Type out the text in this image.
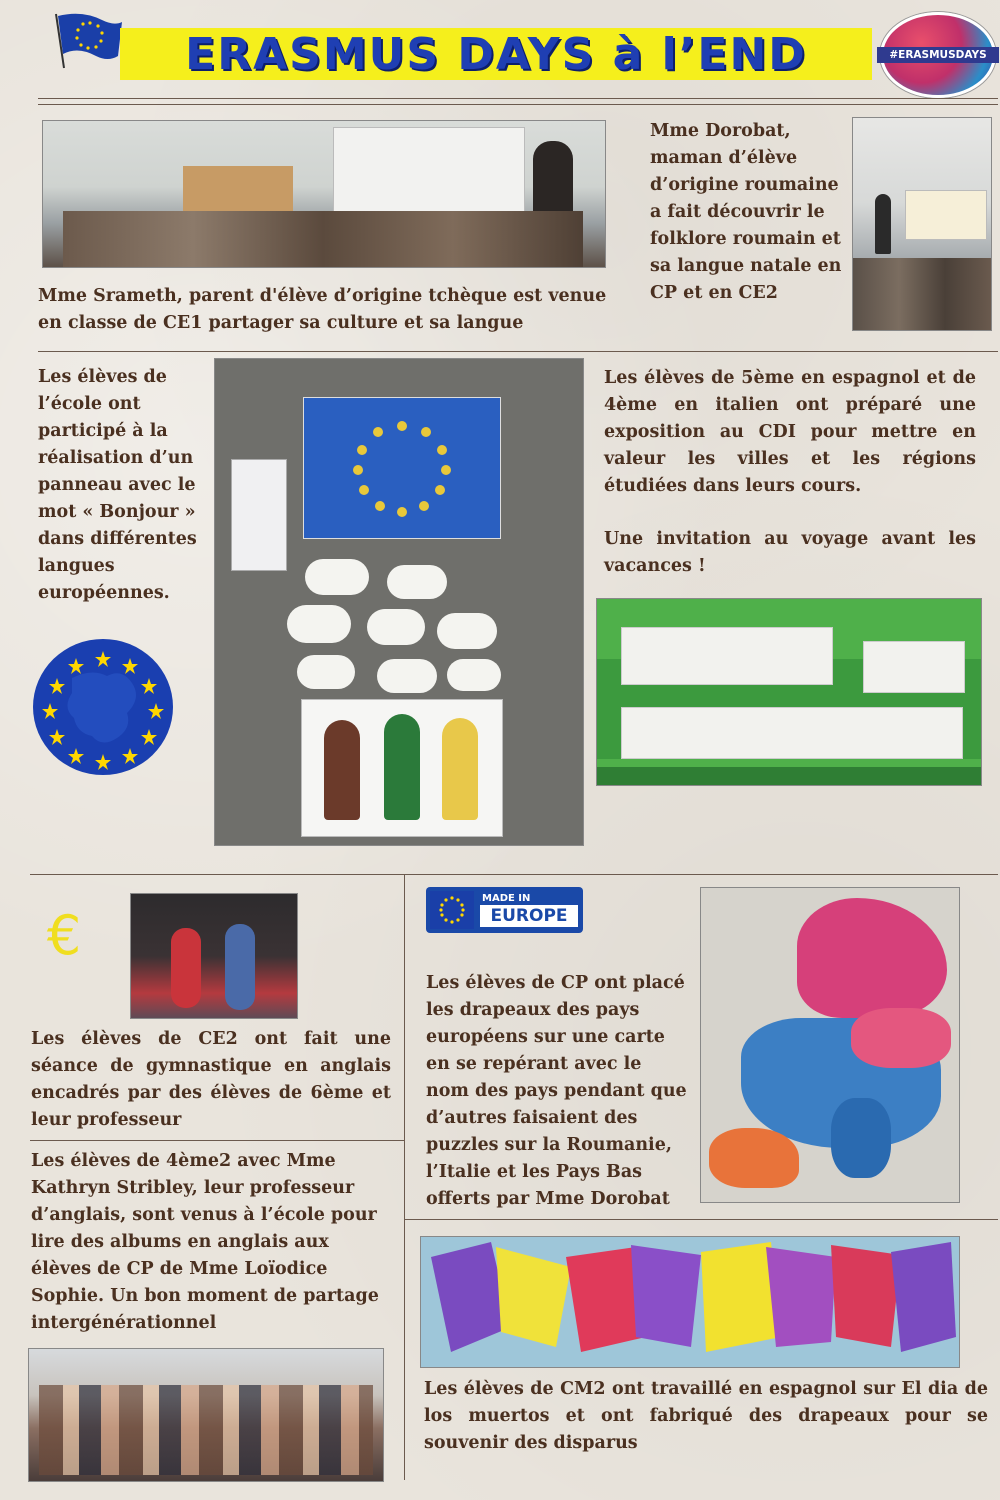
ERASMUS DAYS à l’END	#ERASMUSDAYS
Mme Srameth, parent d'élève d’origine tchèque est venue en classe de CE1 partager sa culture et sa langue
Mme Dorobat, maman d’élève d’origine roumaine a fait découvrir le folklore roumain et sa langue natale en CP et en CE2
Les élèves de l’école ont participé à la réalisation d’un panneau avec le mot « Bonjour » dans différentes langues européennes.
Les élèves de 5ème en espagnol et de 4ème en italien ont préparé une exposition au CDI pour mettre en valeur les villes et les régions étudiées dans leurs cours.
Une invitation au voyage avant les vacances !
€
Les élèves de CE2 ont fait une séance de gymnastique en anglais encadrés par des élèves de 6ème et leur professeur
Les élèves de 4ème2 avec Mme Kathryn Stribley, leur professeur d’anglais, sont venus à l’école pour lire des albums en anglais aux élèves de CP de Mme Loïodice Sophie. Un bon moment de partage intergénérationnel
MADE IN
EUROPE
Les élèves de CP ont placé les drapeaux des pays européens sur une carte en se repérant avec le nom des pays pendant que d’autres faisaient des puzzles sur la Roumanie, l’Italie et les Pays Bas offerts par Mme Dorobat
Les élèves de CM2 ont travaillé en espagnol sur El dia de los muertos et ont fabriqué des drapeaux pour se souvenir des disparus
